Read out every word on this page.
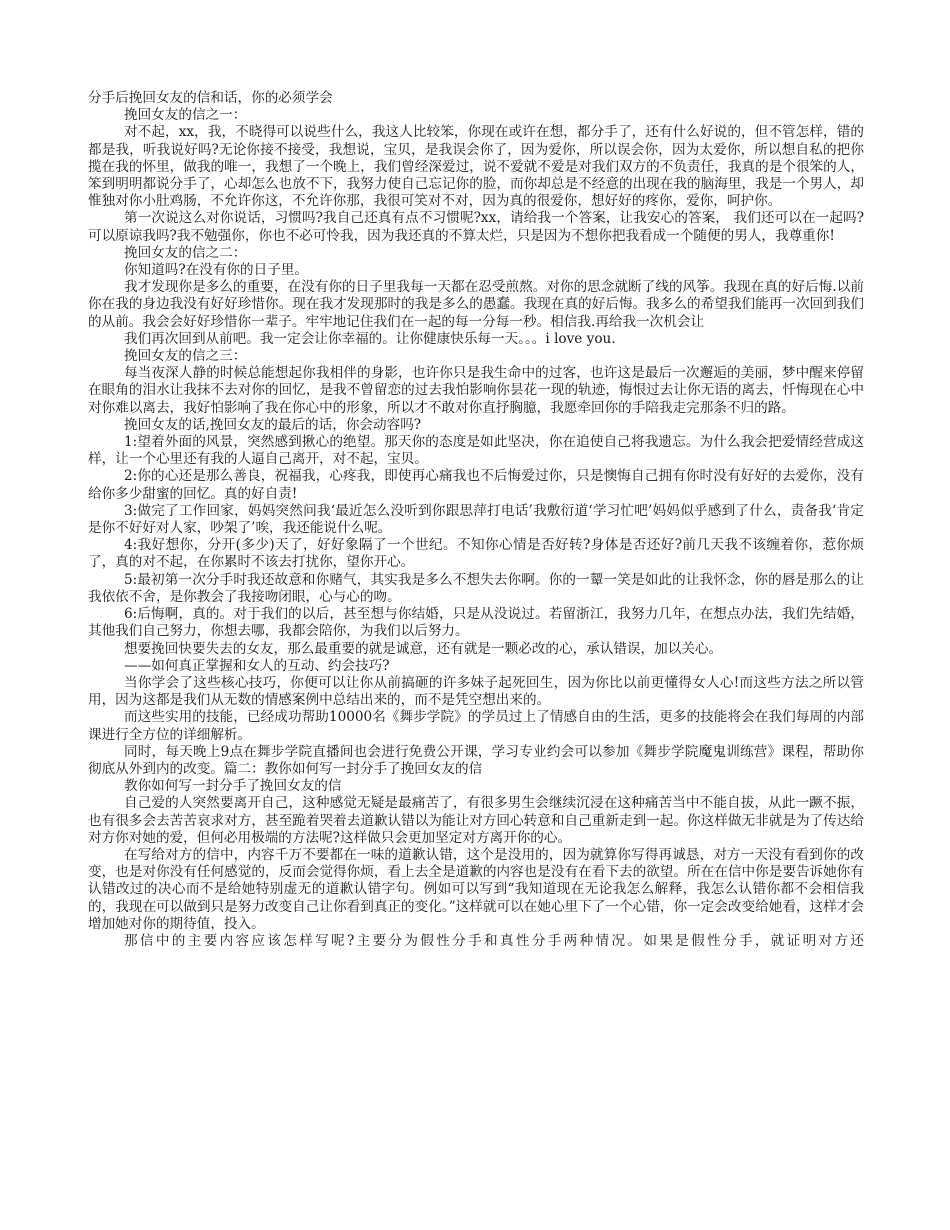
分手后挽回女友的信和话，你的必须学会

挽回女友的信之一：

对不起，xx，我，不晓得可以说些什么，我这人比较笨，你现在或许在想，都分手了，还有什么好说的，但不管怎样，错的都是我，听我说好吗?无论你接不接受，我想说，宝贝，是我误会你了，因为爱你，所以误会你，因为太爱你，所以想自私的把你揽在我的怀里，做我的唯一，我想了一个晚上，我们曾经深爱过，说不爱就不爱是对我们双方的不负责任，我真的是个很笨的人，笨到明明都说分手了，心却怎么也放不下，我努力使自己忘记你的脸，而你却总是不经意的出现在我的脑海里，我是一个男人，却惟独对你小肚鸡肠，不允许你这，不允许你那，我很可笑对不对，因为真的很爱你，想好好的疼你，爱你，呵护你。

第一次说这么对你说话，习惯吗?我自己还真有点不习惯呢?xx，请给我一个答案，让我安心的答案， 我们还可以在一起吗?可以原谅我吗?我不勉强你，你也不必可怜我，因为我还真的不算太烂，只是因为不想你把我看成一个随便的男人，我尊重你!

挽回女友的信之二：

你知道吗?在没有你的日子里。

我才发现你是多么的重要，在没有你的日子里我每一天都在忍受煎熬。对你的思念就断了线的风筝。我现在真的好后悔.以前你在我的身边我没有好好珍惜你。现在我才发现那时的我是多么的愚蠢。我现在真的好后悔。我多么的希望我们能再一次回到我们的从前。我会会好好珍惜你一辈子。牢牢地记住我们在一起的每一分每一秒。相信我.再给我一次机会让

我们再次回到从前吧。我一定会让你幸福的。让你健康快乐每一天。。。i love you.

挽回女友的信之三：

每当夜深人静的时候总能想起你我相伴的身影，也许你只是我生命中的过客，也许这是最后一次邂逅的美丽，梦中醒来停留在眼角的泪水让我抹不去对你的回忆，是我不曾留恋的过去我怕影响你昙花一现的轨迹，悔恨过去让你无语的离去，忏悔现在心中对你难以离去，我好怕影响了我在你心中的形象，所以才不敢对你直抒胸臆，我愿牵回你的手陪我走完那条不归的路。

挽回女友的话,挽回女友的最后的话，你会动容吗?

1:望着外面的风景，突然感到揪心的绝望。那天你的态度是如此坚决，你在追使自己将我遗忘。为什么我会把爱情经营成这样，让一个心里还有我的人逼自己离开，对不起，宝贝。

2:你的心还是那么善良，祝福我，心疼我，即使再心痛我也不后悔爱过你，只是懊悔自己拥有你时没有好好的去爱你，没有给你多少甜蜜的回忆。真的好自责!

3:做完了工作回家，妈妈突然问我‘最近怎么没听到你跟思萍打电话’我敷衍道‘学习忙吧’妈妈似乎感到了什么，责备我‘肯定是你不好好对人家，吵架了’唉，我还能说什么呢。

4:我好想你，分开(多少)天了，好好象隔了一个世纪。不知你心情是否好转?身体是否还好?前几天我不该缠着你，惹你烦了，真的对不起，在你累时不该去打扰你，望你开心。

5:最初第一次分手时我还故意和你赌气，其实我是多么不想失去你啊。你的一颦一笑是如此的让我怀念，你的唇是那么的让我依依不舍，是你教会了我接吻闭眼，心与心的吻。

6:后悔啊，真的。对于我们的以后，甚至想与你结婚，只是从没说过。若留浙江，我努力几年，在想点办法，我们先结婚，其他我们自己努力，你想去哪，我都会陪你，为我们以后努力。

想要挽回快要失去的女友，那么最重要的就是诚意，还有就是一颗必改的心，承认错误，加以关心。

——如何真正掌握和女人的互动、约会技巧?

当你学会了这些核心技巧，你便可以让你从前搞砸的许多妹子起死回生，因为你比以前更懂得女人心!而这些方法之所以管用，因为这都是我们从无数的情感案例中总结出来的，而不是凭空想出来的。

而这些实用的技能，已经成功帮助10000名《舞步学院》的学员过上了情感自由的生活，更多的技能将会在我们每周的内部课进行全方位的详细解析。

同时，每天晚上9点在舞步学院直播间也会进行免费公开课，学习专业约会可以参加《舞步学院魔鬼训练营》课程，帮助你彻底从外到内的改变。篇二：教你如何写一封分手了挽回女友的信

教你如何写一封分手了挽回女友的信

自己爱的人突然要离开自己，这种感觉无疑是最痛苦了，有很多男生会继续沉浸在这种痛苦当中不能自拔，从此一蹶不振，也有很多会去苦苦哀求对方，甚至跪着哭着去道歉认错以为能让对方回心转意和自己重新走到一起。你这样做无非就是为了传达给对方你对她的爱，但何必用极端的方法呢?这样做只会更加坚定对方离开你的心。

在写给对方的信中，内容千万不要都在一味的道歉认错，这个是没用的，因为就算你写得再诚恳，对方一天没有看到你的改变，也是对你没有任何感觉的，反而会觉得你烦，看上去全是道歉的内容也是没有在看下去的欲望。所在在信中你是要告诉她你有认错改过的决心而不是给她特别虚无的道歉认错字句。例如可以写到“我知道现在无论我怎么解释，我怎么认错你都不会相信我的，我现在可以做到只是努力改变自己让你看到真正的变化。”这样就可以在她心里下了一个心错，你一定会改变给她看，这样才会增加她对你的期待值，投入。

那信中的主要内容应该怎样写呢?主要分为假性分手和真性分手两种情况。如果是假性分手，就证明对方还
